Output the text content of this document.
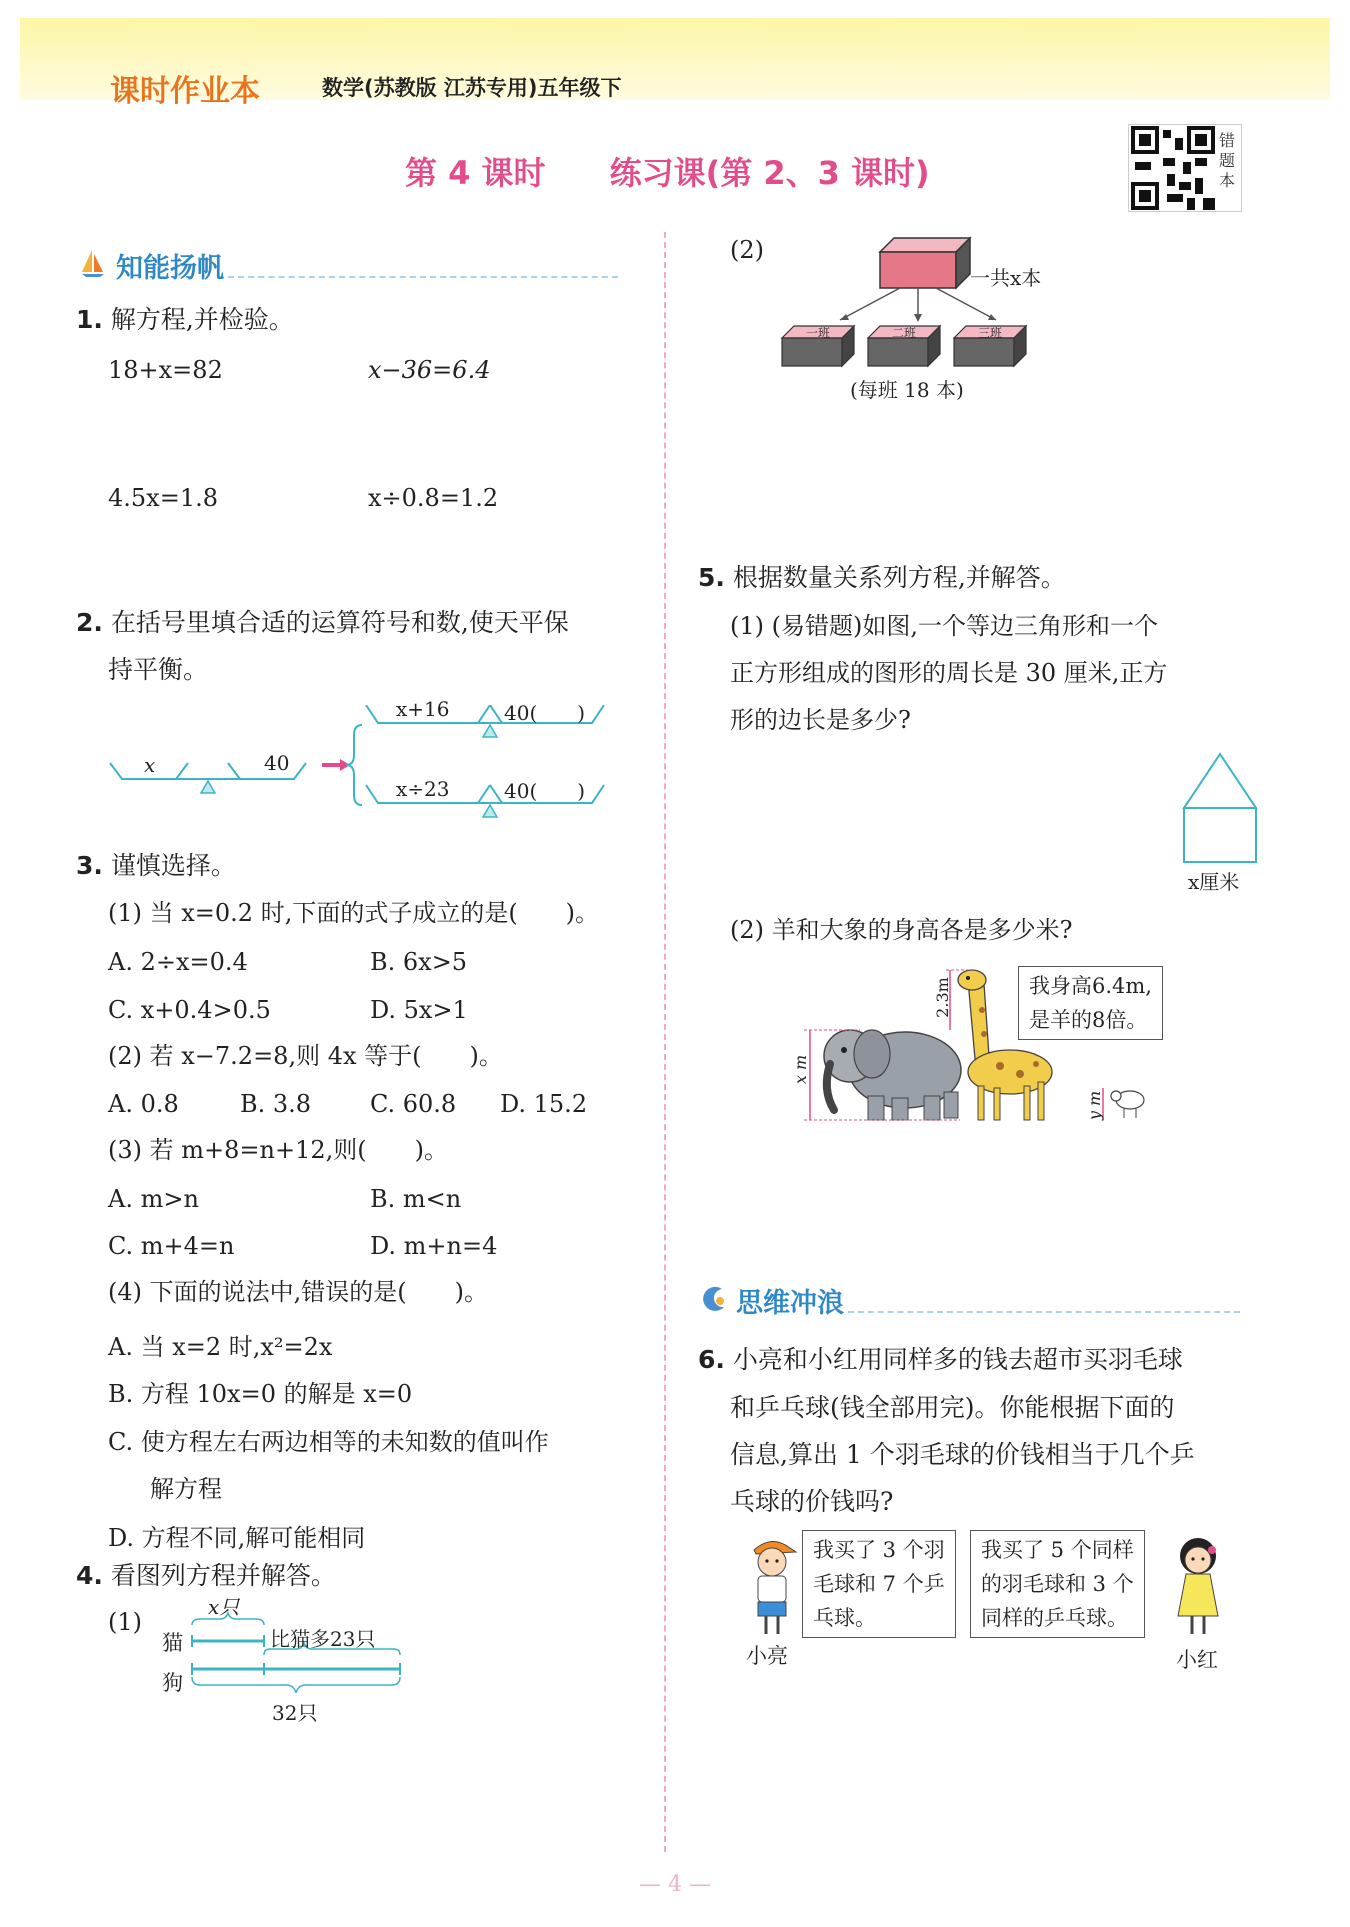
课时作业本	数学(苏教版 江苏专用)五年级下
第 4 课时　　 练习课(第 2、3 课时)
错题本
知能扬帆
1. 解方程,并检验。
18+x=82	x−36=6.4
4.5x=1.8	x÷0.8=1.2
2. 在括号里填合适的运算符号和数,使天平保
持平衡。
x	40
x+16	40(　　)
x÷23	40(　　)
3. 谨慎选择。
(1) 当 x=0.2 时,下面的式子成立的是(　　)。
A. 2÷x=0.4	B. 6x>5
C. x+0.4>0.5	D. 5x>1
(2) 若 x−7.2=8,则 4x 等于(　　)。
A. 0.8	B. 3.8 C. 60.8 D. 15.2
(3) 若 m+8=n+12,则(　　)。
A. m>n	B. m<n
C. m+4=n	D. m+n=4
(4) 下面的说法中,错误的是(　　)。
A. 当 x=2 时,x²=2x
B. 方程 10x=0 的解是 x=0
C. 使方程左右两边相等的未知数的值叫作
解方程
D. 方程不同,解可能相同
4. 看图列方程并解答。
(1)
猫
狗
x只
比猫多23只
32只
(2)
一共x本
一班	二班	三班
(每班 18 本)
5. 根据数量关系列方程,并解答。
(1) (易错题)如图,一个等边三角形和一个
正方形组成的图形的周长是 30 厘米,正方
形的边长是多少?
x厘米
(2) 羊和大象的身高各是多少米?
x m
2.3m
y m
我身高6.4m,
是羊的8倍。
思维冲浪
6. 小亮和小红用同样多的钱去超市买羽毛球
和乒乓球(钱全部用完)。你能根据下面的
信息,算出 1 个羽毛球的价钱相当于几个乒
乓球的价钱吗?
小亮
我买了 3 个羽
毛球和 7 个乒
乓球。
我买了 5 个同样
的羽毛球和 3 个
同样的乒乓球。
小红
— 4 —
